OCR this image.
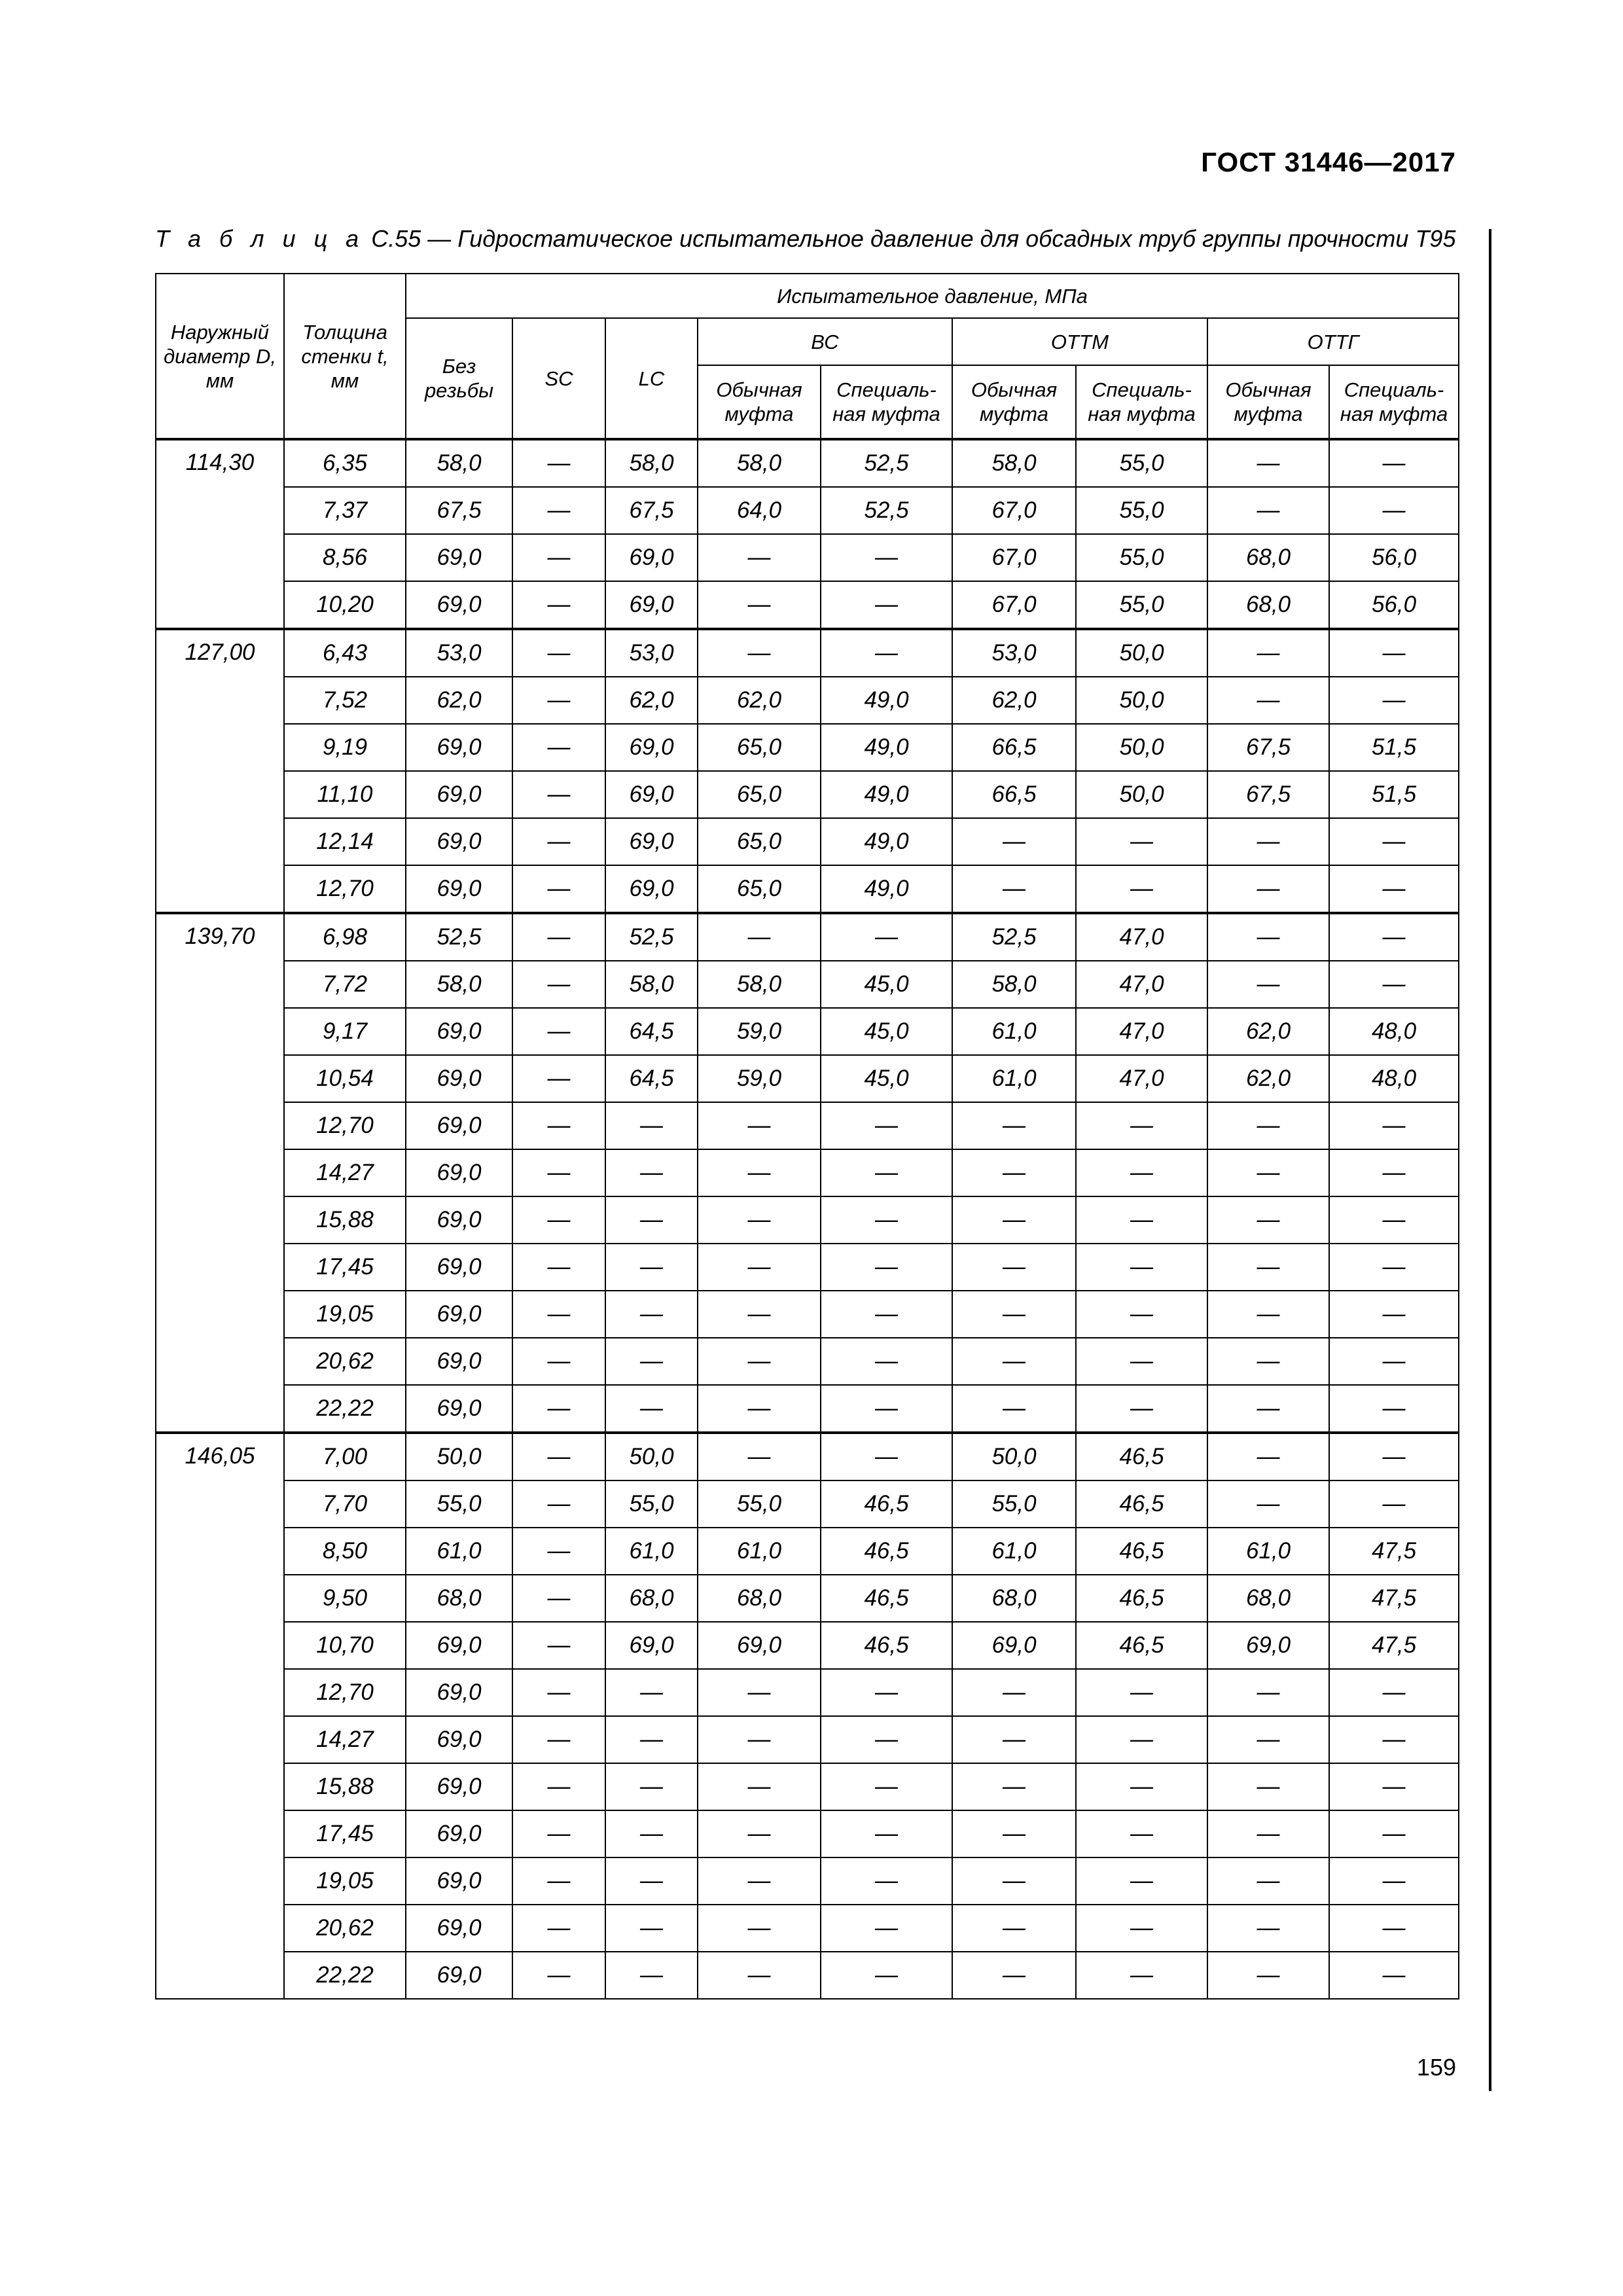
ГОСТ 31446—2017
Т а б л и ц а С.55 — Гидростатическое испытательное давление для обсадных труб группы прочности Т95
Наружный диаметр D, мм	Толщина стенки t, мм	Испытательное давление, МПа								
		Без резьбы	SC	LC	ВС		ОТТМ		ОТТГ	
					Обычная муфта	Специаль-ная муфта	Обычная муфта	Специаль-ная муфта	Обычная муфта	Специаль-ная муфта
114,30	6,35	58,0	—	58,0	58,0	52,5	58,0	55,0	—	—
	7,37	67,5	—	67,5	64,0	52,5	67,0	55,0	—	—
	8,56	69,0	—	69,0	—	—	67,0	55,0	68,0	56,0
	10,20	69,0	—	69,0	—	—	67,0	55,0	68,0	56,0
127,00	6,43	53,0	—	53,0	—	—	53,0	50,0	—	—
	7,52	62,0	—	62,0	62,0	49,0	62,0	50,0	—	—
	9,19	69,0	—	69,0	65,0	49,0	66,5	50,0	67,5	51,5
	11,10	69,0	—	69,0	65,0	49,0	66,5	50,0	67,5	51,5
	12,14	69,0	—	69,0	65,0	49,0	—	—	—	—
	12,70	69,0	—	69,0	65,0	49,0	—	—	—	—
139,70	6,98	52,5	—	52,5	—	—	52,5	47,0	—	—
	7,72	58,0	—	58,0	58,0	45,0	58,0	47,0	—	—
	9,17	69,0	—	64,5	59,0	45,0	61,0	47,0	62,0	48,0
	10,54	69,0	—	64,5	59,0	45,0	61,0	47,0	62,0	48,0
	12,70	69,0	—	—	—	—	—	—	—	—
	14,27	69,0	—	—	—	—	—	—	—	—
	15,88	69,0	—	—	—	—	—	—	—	—
	17,45	69,0	—	—	—	—	—	—	—	—
	19,05	69,0	—	—	—	—	—	—	—	—
	20,62	69,0	—	—	—	—	—	—	—	—
	22,22	69,0	—	—	—	—	—	—	—	—
146,05	7,00	50,0	—	50,0	—	—	50,0	46,5	—	—
	7,70	55,0	—	55,0	55,0	46,5	55,0	46,5	—	—
	8,50	61,0	—	61,0	61,0	46,5	61,0	46,5	61,0	47,5
	9,50	68,0	—	68,0	68,0	46,5	68,0	46,5	68,0	47,5
	10,70	69,0	—	69,0	69,0	46,5	69,0	46,5	69,0	47,5
	12,70	69,0	—	—	—	—	—	—	—	—
	14,27	69,0	—	—	—	—	—	—	—	—
	15,88	69,0	—	—	—	—	—	—	—	—
	17,45	69,0	—	—	—	—	—	—	—	—
	19,05	69,0	—	—	—	—	—	—	—	—
	20,62	69,0	—	—	—	—	—	—	—	—
	22,22	69,0	—	—	—	—	—	—	—	—
159
